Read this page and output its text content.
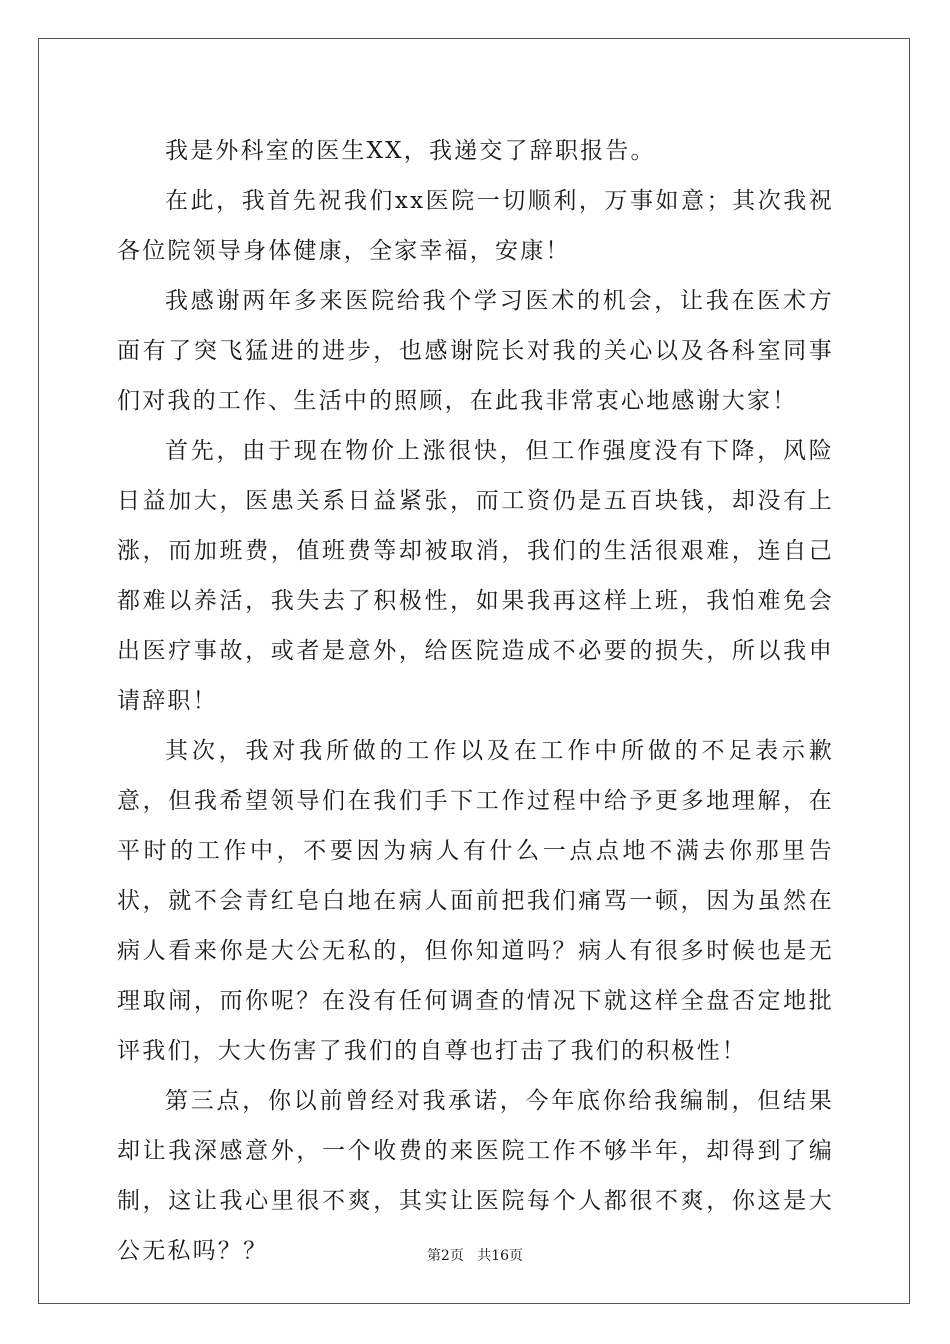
我是外科室的医生XX，我递交了辞职报告。

在此，我首先祝我们xx医院一切顺利，万事如意；其次我祝各位院领导身体健康，全家幸福，安康！

我感谢两年多来医院给我个学习医术的机会，让我在医术方面有了突飞猛进的进步，也感谢院长对我的关心以及各科室同事们对我的工作、生活中的照顾，在此我非常衷心地感谢大家！

首先，由于现在物价上涨很快，但工作强度没有下降，风险日益加大，医患关系日益紧张，而工资仍是五百块钱，却没有上涨，而加班费，值班费等却被取消，我们的生活很艰难，连自己都难以养活，我失去了积极性，如果我再这样上班，我怕难免会出医疗事故，或者是意外，给医院造成不必要的损失，所以我申请辞职！

其次，我对我所做的工作以及在工作中所做的不足表示歉意，但我希望领导们在我们手下工作过程中给予更多地理解，在平时的工作中，不要因为病人有什么一点点地不满去你那里告状，就不会青红皂白地在病人面前把我们痛骂一顿，因为虽然在病人看来你是大公无私的，但你知道吗？病人有很多时候也是无理取闹，而你呢？在没有任何调查的情况下就这样全盘否定地批评我们，大大伤害了我们的自尊也打击了我们的积极性！

第三点，你以前曾经对我承诺，今年底你给我编制，但结果却让我深感意外，一个收费的来医院工作不够半年，却得到了编制，这让我心里很不爽，其实让医院每个人都很不爽，你这是大公无私吗？？	第2页 共16页
